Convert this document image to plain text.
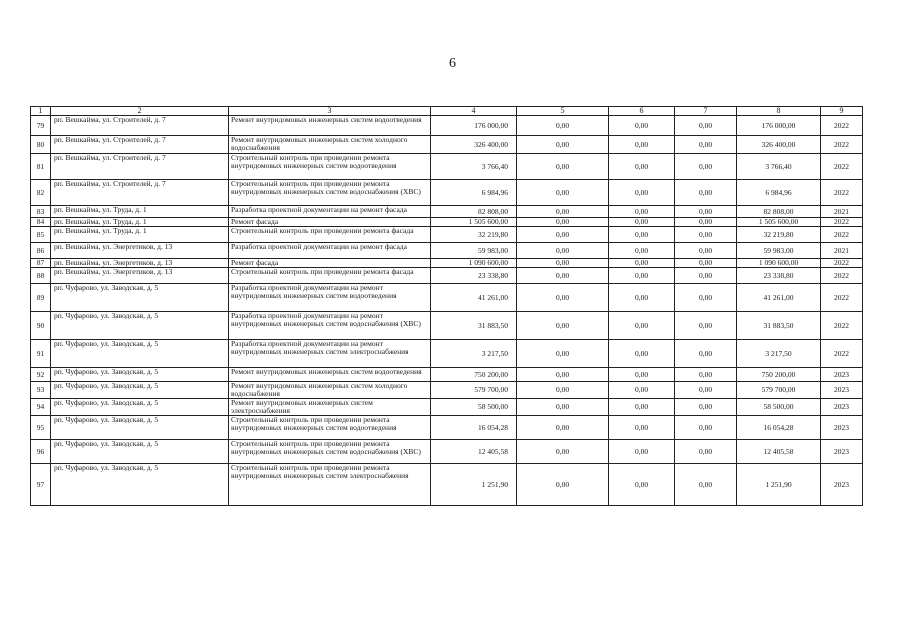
6
1	2	3	4	5	6	7	8	9
79	рп. Вешкайма, ул. Строителей, д. 7	Ремонт внутридомовых инженерных систем водоотведения	176 000,00	0,00	0,00	0,00	176 000,00	2022
80	рп. Вешкайма, ул. Строителей, д. 7	Ремонт внутридомовых инженерных систем холодного водоснабжения	326 400,00	0,00	0,00	0,00	326 400,00	2022
81	рп. Вешкайма, ул. Строителей, д. 7	Строительный контроль при проведении ремонта внутридомовых инженерных систем водоотведения	3 766,40	0,00	0,00	0,00	3 766,40	2022
82	рп. Вешкайма, ул. Строителей, д. 7	Строительный контроль при проведении ремонта внутридомовых инженерных систем водоснабжения (ХВС)	6 984,96	0,00	0,00	0,00	6 984,96	2022
83	рп. Вешкайма, ул. Труда, д. 1	Разработка проектной документации на ремонт фасада	82 808,00	0,00	0,00	0,00	82 808,00	2021
84	рп. Вешкайма, ул. Труда, д. 1	Ремонт фасада	1 505 600,00	0,00	0,00	0,00	1 505 600,00	2022
85	рп. Вешкайма, ул. Труда, д. 1	Строительный контроль при проведении ремонта фасада	32 219,80	0,00	0,00	0,00	32 219,80	2022
86	рп. Вешкайма, ул. Энергетиков, д. 13	Разработка проектной документации на ремонт фасада	59 983,00	0,00	0,00	0,00	59 983,00	2021
87	рп. Вешкайма, ул. Энергетиков, д. 13	Ремонт фасада	1 090 600,00	0,00	0,00	0,00	1 090 600,00	2022
88	рп. Вешкайма, ул. Энергетиков, д. 13	Строительный контроль при проведении ремонта фасада	23 338,80	0,00	0,00	0,00	23 338,80	2022
89	рп. Чуфарово, ул. Заводская, д. 5	Разработка проектной документации на ремонт внутридомовых инженерных систем водоотведения	41 261,00	0,00	0,00	0,00	41 261,00	2022
90	рп. Чуфарово, ул. Заводская, д. 5	Разработка проектной документации на ремонт внутридомовых инженерных систем водоснабжения (ХВС)	31 883,50	0,00	0,00	0,00	31 883,50	2022
91	рп. Чуфарово, ул. Заводская, д. 5	Разработка проектной документации на ремонт внутридомовых инженерных систем электроснабжения	3 217,50	0,00	0,00	0,00	3 217,50	2022
92	рп. Чуфарово, ул. Заводская, д. 5	Ремонт внутридомовых инженерных систем водоотведения	750 200,00	0,00	0,00	0,00	750 200,00	2023
93	рп. Чуфарово, ул. Заводская, д. 5	Ремонт внутридомовых инженерных систем холодного водоснабжения	579 700,00	0,00	0,00	0,00	579 700,00	2023
94	рп. Чуфарово, ул. Заводская, д. 5	Ремонт внутридомовых инженерных систем электроснабжения	58 500,00	0,00	0,00	0,00	58 500,00	2023
95	рп. Чуфарово, ул. Заводская, д. 5	Строительный контроль при проведении ремонта внутридомовых инженерных систем водоотведения	16 054,28	0,00	0,00	0,00	16 054,28	2023
96	рп. Чуфарово, ул. Заводская, д. 5	Строительный контроль при проведении ремонта внутридомовых инженерных систем водоснабжения (ХВС)	12 405,58	0,00	0,00	0,00	12 405,58	2023
97	рп. Чуфарово, ул. Заводская, д. 5	Строительный контроль при проведении ремонта внутридомовых инженерных систем электроснабжения	1 251,90	0,00	0,00	0,00	1 251,90	2023
